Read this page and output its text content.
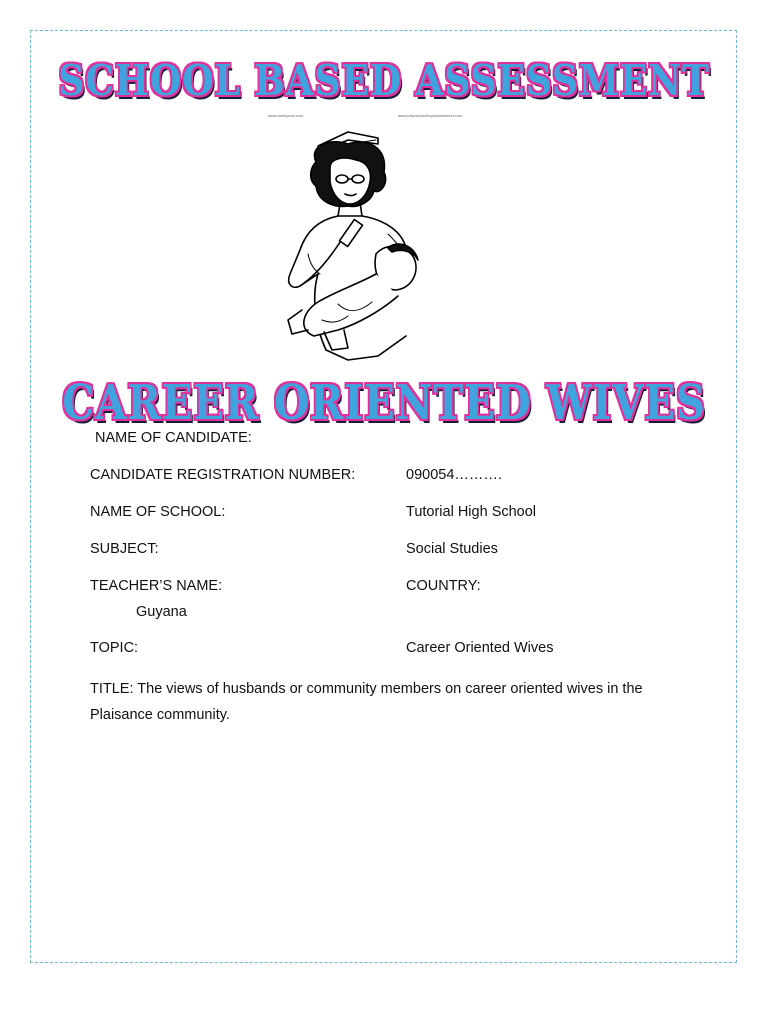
SCHOOL BASED ASSESSMENT
www.autolycos.com	www.prepschooltopicworksheet.com
CAREER ORIENTED WIVES
NAME OF CANDIDATE:
CANDIDATE REGISTRATION NUMBER:	090054……….
NAME OF SCHOOL:	Tutorial High School
SUBJECT:	Social Studies
TEACHER’S NAME:	COUNTRY:
Guyana
TOPIC:	Career Oriented Wives
TITLE: The views of husbands or community members on career oriented wives in the Plaisance community.
